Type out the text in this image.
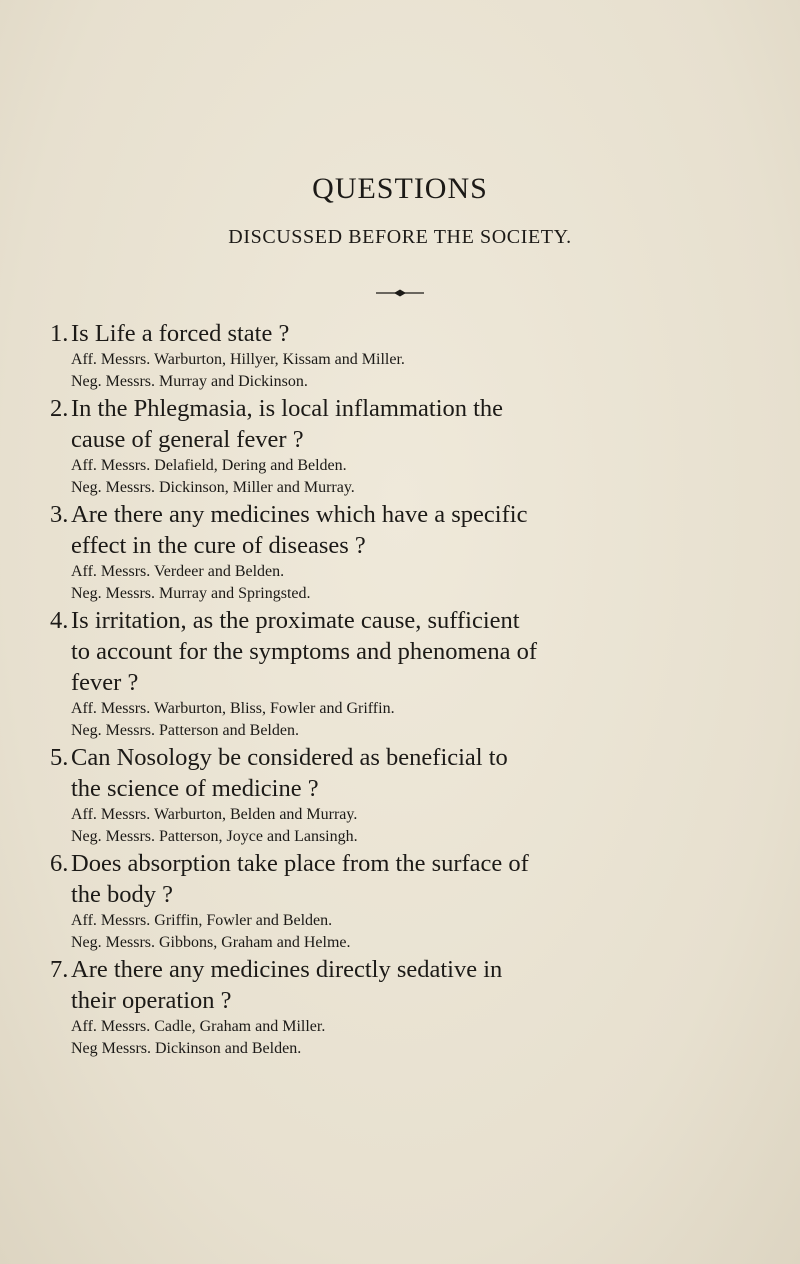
QUESTIONS
DISCUSSED BEFORE THE SOCIETY.
1. Is Life a forced state ?
Aff. Messrs. Warburton, Hillyer, Kissam and Miller.
Neg. Messrs. Murray and Dickinson.
2. In the Phlegmasia, is local inflammation the
cause of general fever ?
Aff. Messrs. Delafield, Dering and Belden.
Neg. Messrs. Dickinson, Miller and Murray.
3. Are there any medicines which have a specific
effect in the cure of diseases ?
Aff. Messrs. Verdeer and Belden.
Neg. Messrs. Murray and Springsted.
4. Is irritation, as the proximate cause, sufficient
to account for the symptoms and phenomena of
fever ?
Aff. Messrs. Warburton, Bliss, Fowler and Griffin.
Neg. Messrs. Patterson and Belden.
5. Can Nosology be considered as beneficial to
the science of medicine ?
Aff. Messrs. Warburton, Belden and Murray.
Neg. Messrs. Patterson, Joyce and Lansingh.
6. Does absorption take place from the surface of
the body ?
Aff. Messrs. Griffin, Fowler and Belden.
Neg. Messrs. Gibbons, Graham and Helme.
7. Are there any medicines directly sedative in
their operation ?
Aff. Messrs. Cadle, Graham and Miller.
Neg Messrs. Dickinson and Belden.
